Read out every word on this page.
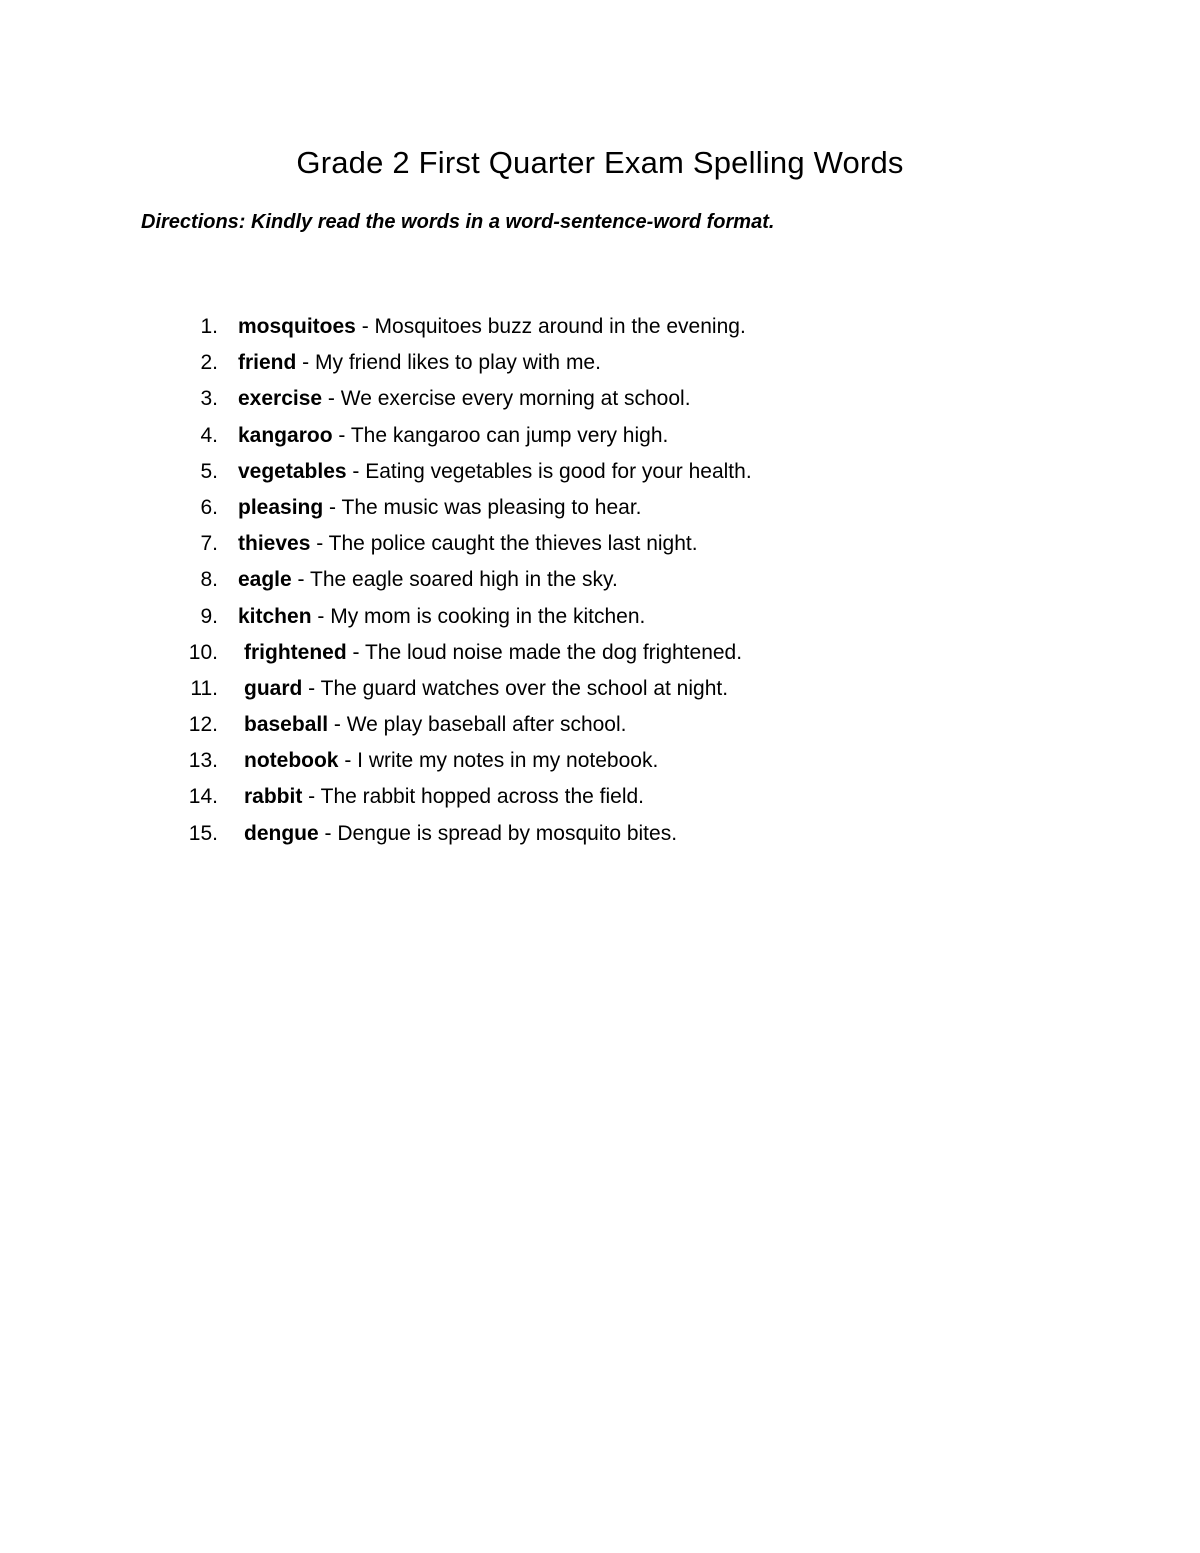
Grade 2 First Quarter Exam Spelling Words

Directions: Kindly read the words in a word-sentence-word format.

1. mosquitoes - Mosquitoes buzz around in the evening.
2. friend - My friend likes to play with me.
3. exercise - We exercise every morning at school.
4. kangaroo - The kangaroo can jump very high.
5. vegetables - Eating vegetables is good for your health.
6. pleasing - The music was pleasing to hear.
7. thieves - The police caught the thieves last night.
8. eagle - The eagle soared high in the sky.
9. kitchen - My mom is cooking in the kitchen.
10. frightened - The loud noise made the dog frightened.
11. guard - The guard watches over the school at night.
12. baseball - We play baseball after school.
13. notebook - I write my notes in my notebook.
14. rabbit - The rabbit hopped across the field.
15. dengue - Dengue is spread by mosquito bites.
